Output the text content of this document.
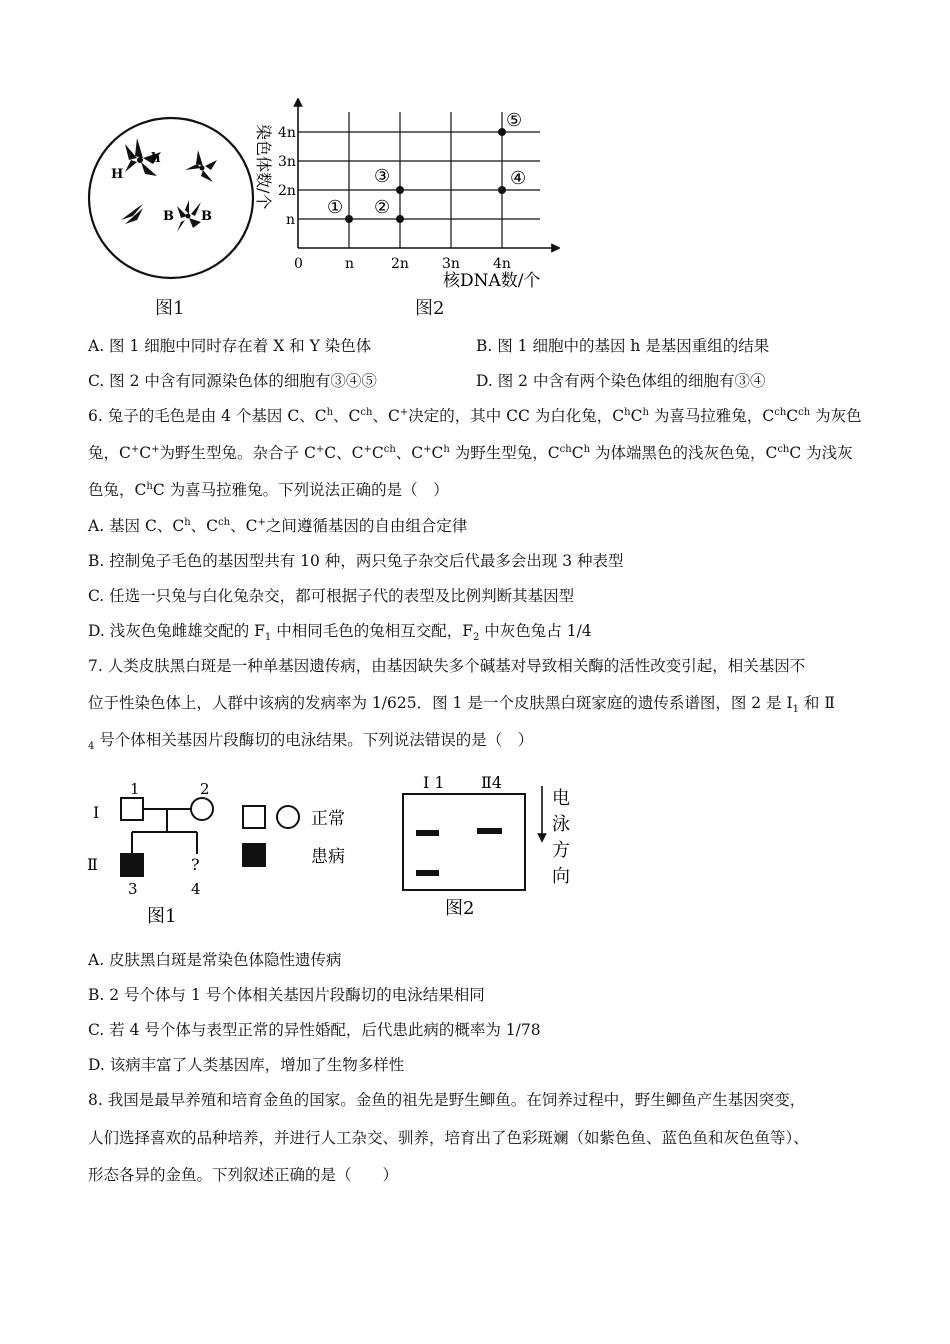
H
h
B B
图1
0	n	2n 3n 4n
n
2n
3n
4n
① ②
③	④
⑤
核DNA数/个
染色体数/个
图2
A. 图 1 细胞中同时存在着 X 和 Y 染色体	B. 图 1 细胞中的基因 h 是基因重组的结果
C. 图 2 中含有同源染色体的细胞有③④⑤	D. 图 2 中含有两个染色体组的细胞有③④
6. 兔子的毛色是由 4 个基因 C、$C^h$、$C^{ch}$、C+决定的，其中 CC 为白化兔，$C^hC^h$ 为喜马拉雅兔，$C^{ch}C^{ch}$ 为灰色
兔，C+C+为野生型兔。杂合子 C+C、$C^+C^{ch}$、$C^+C^h$ 为野生型兔，$C^{ch}C^h$ 为体端黑色的浅灰色兔，$C^{ch}C$ 为浅灰
色兔，$C^hC$ 为喜马拉雅兔。下列说法正确的是（　）
A. 基因 C、$C^h$、$C^{ch}$、C+之间遵循基因的自由组合定律
B. 控制兔子毛色的基因型共有 10 种，两只兔子杂交后代最多会出现 3 种表型
C. 任选一只兔与白化兔杂交，都可根据子代的表型及比例判断其基因型
D. 浅灰色兔雌雄交配的 $F_1$ 中相同毛色的兔相互交配，$F_2$ 中灰色兔占 1/4
7. 人类皮肤黑白斑是一种单基因遗传病，由基因缺失多个碱基对导致相关酶的活性改变引起，相关基因不
位于性染色体上，人群中该病的发病率为 1/625．图 1 是一个皮肤黑白斑家庭的遗传系谱图，图 2 是 $I_1$ 和 Ⅱ
$_4$ 号个体相关基因片段酶切的电泳结果。下列说法错误的是（　）
I
Ⅱ
1	2
?
3	4
正常
患病
图1
I 1 Ⅱ4
电
泳
方
向
图2
A. 皮肤黑白斑是常染色体隐性遗传病
B. 2 号个体与 1 号个体相关基因片段酶切的电泳结果相同
C. 若 4 号个体与表型正常的异性婚配，后代患此病的概率为 1/78
D. 该病丰富了人类基因库，增加了生物多样性
8. 我国是最早养殖和培育金鱼的国家。金鱼的祖先是野生鲫鱼。在饲养过程中，野生鲫鱼产生基因突变，
人们选择喜欢的品种培养，并进行人工杂交、驯养，培育出了色彩斑斓（如紫色鱼、蓝色鱼和灰色鱼等）、
形态各异的金鱼。下列叙述正确的是（　　）
